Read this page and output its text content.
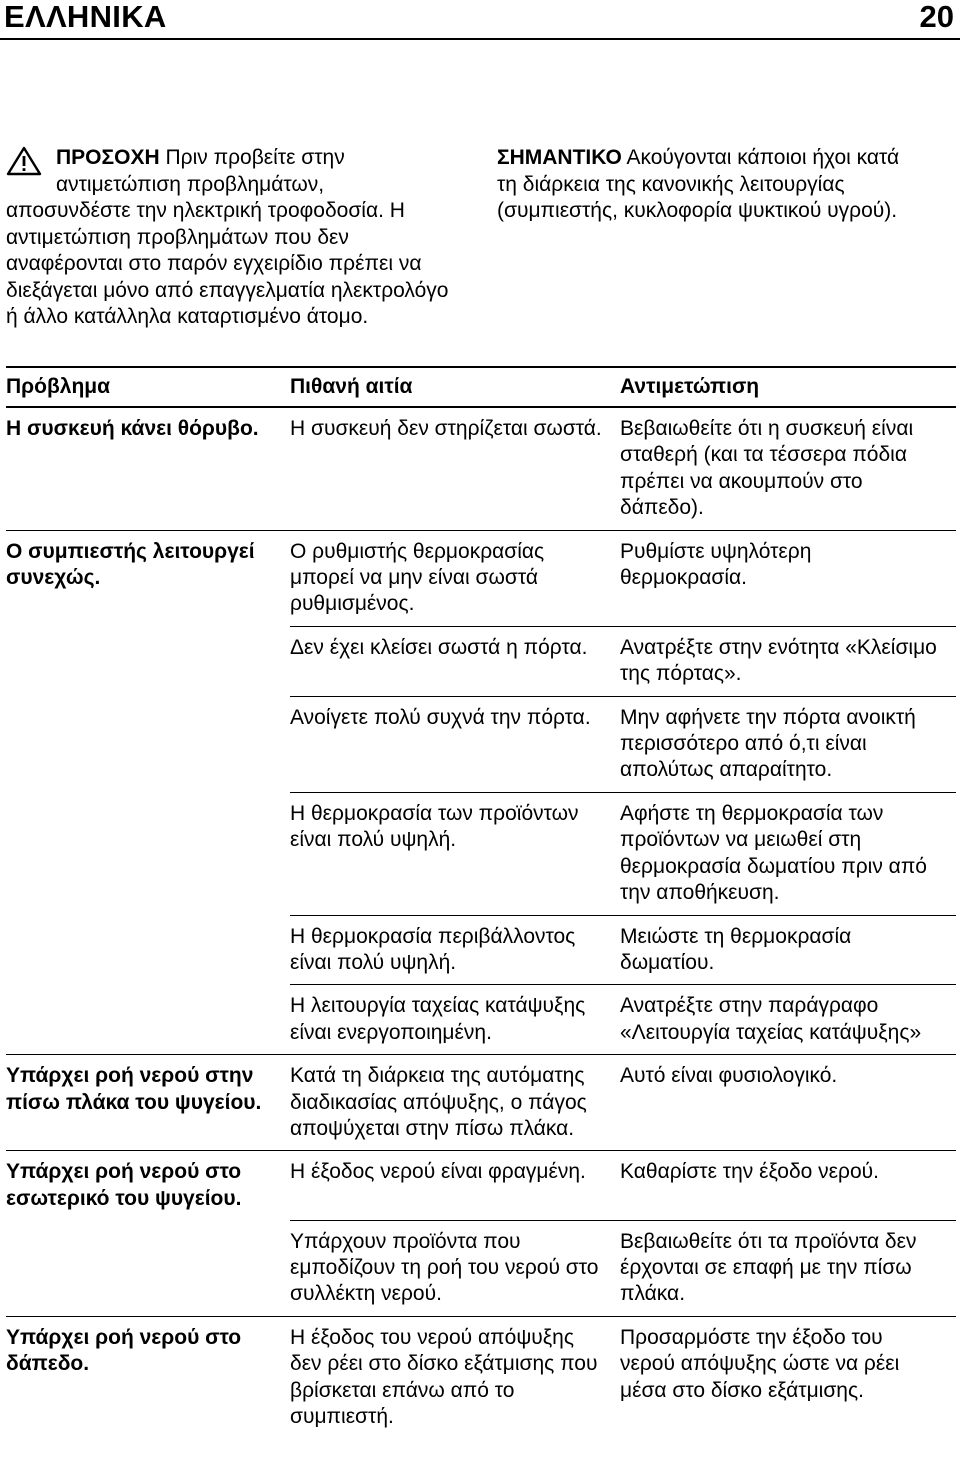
ΕΛΛΗΝΙΚΑ	20
ΠΡΟΣΟΧΗ Πριν προβείτε στην
αντιμετώπιση προβλημάτων,
αποσυνδέστε την ηλεκτρική τροφοδοσία. Η αντιμετώπιση προβλημάτων που δεν αναφέρονται στο παρόν εγχειρίδιο πρέπει να διεξάγεται μόνο από επαγγελματία ηλεκτρολόγο ή άλλο κατάλληλα καταρτισμένο άτομο.
ΣΗΜΑΝΤΙΚΟ Ακούγονται κάποιοι ήχοι κατά τη διάρκεια της κανονικής λειτουργίας (συμπιεστής, κυκλοφορία ψυκτικού υγρού).
Πρόβλημα	Πιθανή αιτία	Αντιμετώπιση
Η συσκευή κάνει θόρυβο.	Η συσκευή δεν στηρίζεται σωστά.	Βεβαιωθείτε ότι η συσκευή είναι σταθερή (και τα τέσσερα πόδια πρέπει να ακουμπούν στο δάπεδο).
Ο συμπιεστής λειτουργεί συνεχώς.	Ο ρυθμιστής θερμοκρασίας μπορεί να μην είναι σωστά ρυθμισμένος.	Ρυθμίστε υψηλότερη θερμοκρασία.
	Δεν έχει κλείσει σωστά η πόρτα.	Ανατρέξτε στην ενότητα «Κλείσιμο της πόρτας».
	Ανοίγετε πολύ συχνά την πόρτα.	Μην αφήνετε την πόρτα ανοικτή περισσότερο από ό,τι είναι απολύτως απαραίτητο.
	Η θερμοκρασία των προϊόντων είναι πολύ υψηλή.	Αφήστε τη θερμοκρασία των προϊόντων να μειωθεί στη θερμοκρασία δωματίου πριν από την αποθήκευση.
	Η θερμοκρασία περιβάλλοντος είναι πολύ υψηλή.	Μειώστε τη θερμοκρασία δωματίου.
	Η λειτουργία ταχείας κατάψυξης είναι ενεργοποιημένη.	Ανατρέξτε στην παράγραφο «Λειτουργία ταχείας κατάψυξης»
Υπάρχει ροή νερού στην πίσω πλάκα του ψυγείου.	Κατά τη διάρκεια της αυτόματης διαδικασίας απόψυξης, ο πάγος αποψύχεται στην πίσω πλάκα.	Αυτό είναι φυσιολογικό.
Υπάρχει ροή νερού στο εσωτερικό του ψυγείου.	Η έξοδος νερού είναι φραγμένη.	Καθαρίστε την έξοδο νερού.
	Υπάρχουν προϊόντα που εμποδίζουν τη ροή του νερού στο συλλέκτη νερού.	Βεβαιωθείτε ότι τα προϊόντα δεν έρχονται σε επαφή με την πίσω πλάκα.
Υπάρχει ροή νερού στο δάπεδο.	Η έξοδος του νερού απόψυξης δεν ρέει στο δίσκο εξάτμισης που βρίσκεται επάνω από το συμπιεστή.	Προσαρμόστε την έξοδο του νερού απόψυξης ώστε να ρέει μέσα στο δίσκο εξάτμισης.
